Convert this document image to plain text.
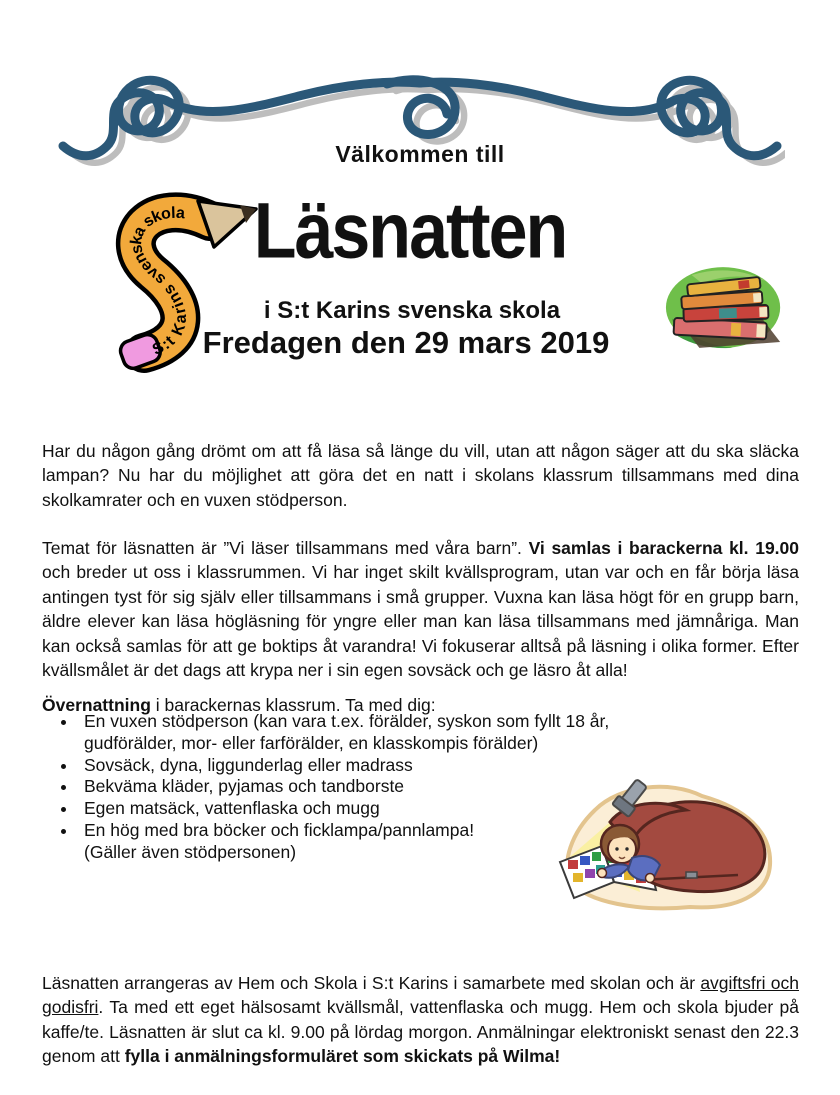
Välkommen till
S:t Karins svenska skola Läsnatten
i S:t Karins svenska skola
Fredagen den 29 mars 2019

Har du någon gång drömt om att få läsa så länge du vill, utan att någon säger att du ska släcka lampan? Nu har du möjlighet att göra det en natt i skolans klassrum tillsammans med dina skolkamrater och en vuxen stödperson.

Temat för läsnatten är ”Vi läser tillsammans med våra barn”. Vi samlas i barackerna kl. 19.00 och breder ut oss i klassrummen. Vi har inget skilt kvällsprogram, utan var och en får börja läsa antingen tyst för sig själv eller tillsammans i små grupper. Vuxna kan läsa högt för en grupp barn, äldre elever kan läsa högläsning för yngre eller man kan läsa tillsammans med jämnåriga. Man kan också samlas för att ge boktips åt varandra! Vi fokuserar alltså på läsning i olika former. Efter kvällsmålet är det dags att krypa ner i sin egen sovsäck och ge läsro åt alla!

Övernattning i barackernas klassrum. Ta med dig:

• En vuxen stödperson (kan vara t.ex. förälder, syskon som fyllt 18 år, gudförälder, mor- eller farförälder, en klasskompis förälder)
• Sovsäck, dyna, liggunderlag eller madrass
• Bekväma kläder, pyjamas och tandborste
• Egen matsäck, vattenflaska och mugg
• En hög med bra böcker och ficklampa/pannlampa!
(Gäller även stödpersonen)

Läsnatten arrangeras av Hem och Skola i S:t Karins i samarbete med skolan och är avgiftsfri och godisfri. Ta med ett eget hälsosamt kvällsmål, vattenflaska och mugg. Hem och skola bjuder på kaffe/te. Läsnatten är slut ca kl. 9.00 på lördag morgon. Anmälningar elektroniskt senast den 22.3 genom att fylla i anmälningsformuläret som skickats på Wilma!
